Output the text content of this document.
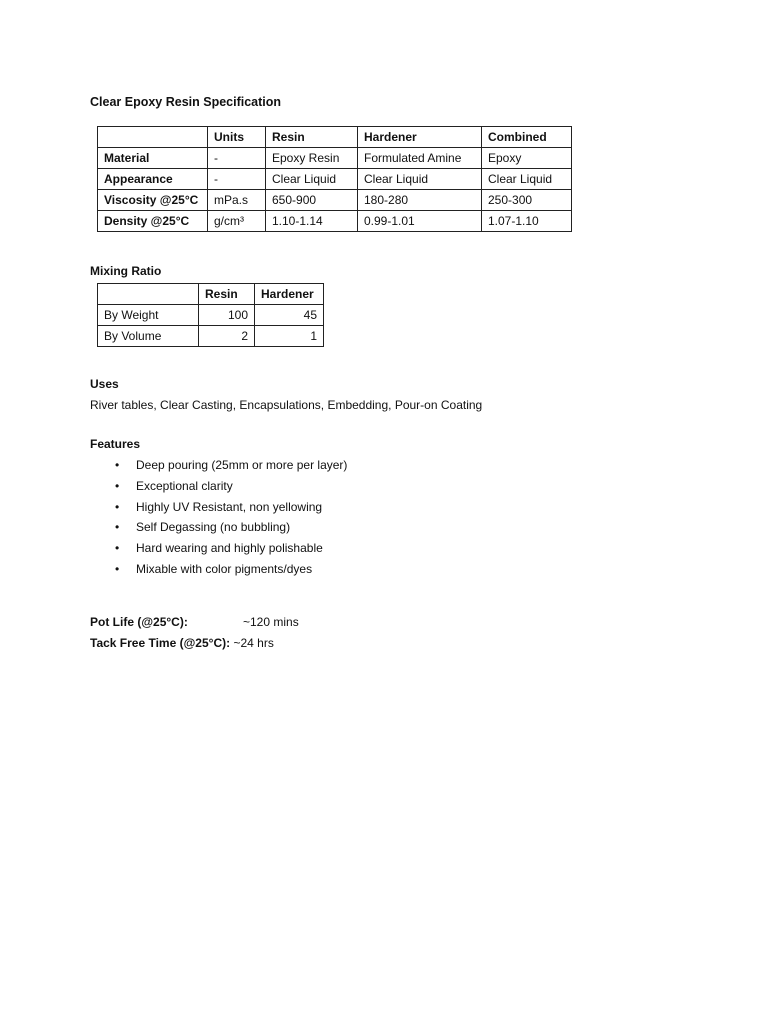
Clear Epoxy Resin Specification
	Units	Resin	Hardener	Combined
Material	-	Epoxy Resin	Formulated Amine	Epoxy
Appearance	-	Clear Liquid	Clear Liquid	Clear Liquid
Viscosity @25°C	mPa.s	650-900	180-280	250-300
Density @25°C	g/cm³	1.10-1.14	0.99-1.01	1.07-1.10
Mixing Ratio
	Resin	Hardener
By Weight	100	45
By Volume	2	1
Uses
River tables, Clear Casting, Encapsulations, Embedding, Pour-on Coating
Features
• Deep pouring (25mm or more per layer)
• Exceptional clarity
• Highly UV Resistant, non yellowing
• Self Degassing (no bubbling)
• Hard wearing and highly polishable
• Mixable with color pigments/dyes
Pot Life (@25°C):	~120 mins
Tack Free Time (@25°C): ~24 hrs
